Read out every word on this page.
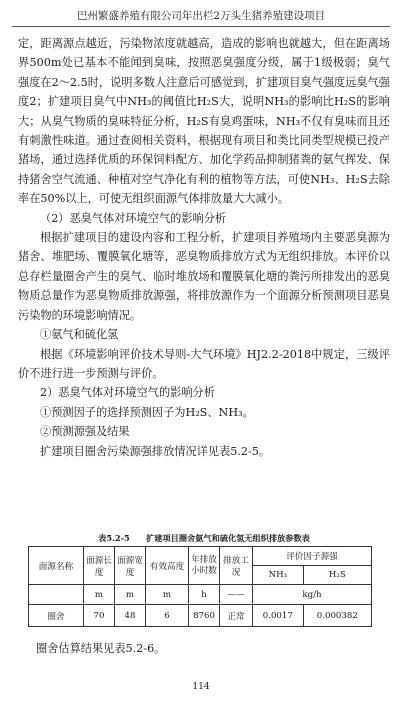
巴州繁盛养殖有限公司年出栏2万头生猪养殖建设项目

定，距离源点越近，污染物浓度就越高，造成的影响也就越大，但在距离场界500m处已基本不能闻到臭味，按照恶臭强度分级，属于1级极弱；臭气强度在2～2.5时，说明多数人注意后可感觉到，扩建项目臭气强度远臭气强度2；扩建项目臭气中NH₃的阈值比H₂S大，说明NH₃的影响比H₂S的影响大；从臭气物质的臭味特征分析，H₂S有臭鸡蛋味，NH₃不仅有臭味而且还有刺激性味道。通过查阅相关资料，根据现有项目和类比同类型规模已投产猪场，通过选择优质的环保饲料配方、加化学药品抑制猪粪的氨气挥发、保持猪舍空气流通、种植对空气净化有利的植物等方法，可使NH₃、H₂S去除率在50%以上，可使无组织面源气体排放量大大减小。

（2）恶臭气体对环境空气的影响分析

根据扩建项目的建设内容和工程分析，扩建项目养殖场内主要恶臭源为猪舍、堆肥场、覆膜氧化塘等，恶臭物质排放方式为无组织排放。本评价以总存栏量圈舍产生的臭气、临时堆放场和覆膜氧化塘的粪污所排发出的恶臭物质总量作为恶臭物质排放源强，将排放源作为一个面源分析预测项目恶臭污染物的环境影响情况。

①氨气和硫化氢

根据《环境影响评价技术导则-大气环境》HJ2.2-2018中规定，三级评价不进行进一步预测与评价。

2）恶臭气体对环境空气的影响分析

①预测因子的选择预测因子为H₂S、NH₃。

②预测源强及结果

扩建项目圈舍污染源强排放情况详见表5.2-5。

表5.2-5　　扩建项目圈舍氨气和硫化氢无组织排放参数表
面源名称	面源长度	面源宽度	有效高度	年排放小时数	排放工况	评价因子源强	
						NH₃	H₂S
	m	m	m	h	——	kg/h	
圈舍	70	48	6	8760	正常	0.0017	0.000382
圈舍估算结果见表5.2-6。
114
